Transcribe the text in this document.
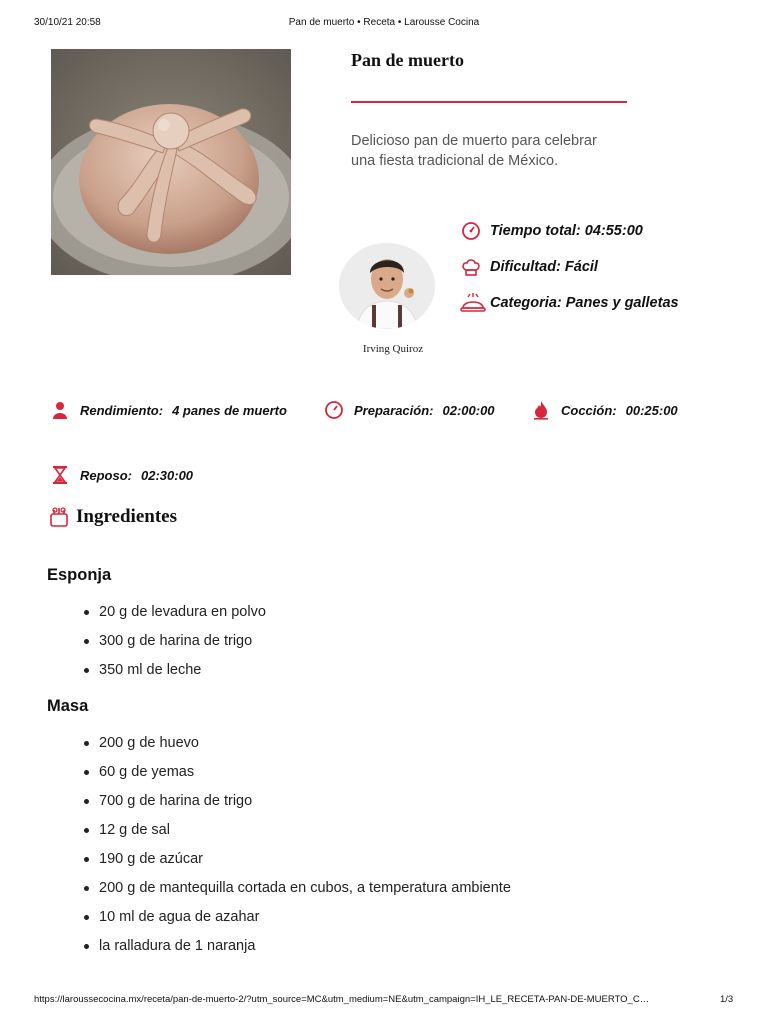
30/10/21 20:58	Pan de muerto • Receta • Larousse Cocina
Pan de muerto
Delicioso pan de muerto para celebrar
una fiesta tradicional de México.
Irving Quiroz
Tiempo total: 04:55:00
Dificultad: Fácil
Categoria: Panes y galletas
Rendimiento: 4 panes de muerto	Preparación: 02:00:00	Cocción: 00:25:00
Reposo: 02:30:00
Ingredientes
Esponja
20 g de levadura en polvo
300 g de harina de trigo
350 ml de leche
Masa
200 g de huevo
60 g de yemas
700 g de harina de trigo
12 g de sal
190 g de azúcar
200 g de mantequilla cortada en cubos, a temperatura ambiente
10 ml de agua de azahar
la ralladura de 1 naranja
https://laroussecocina.mx/receta/pan-de-muerto-2/?utm_source=MC&utm_medium=NE&utm_campaign=IH_LE_RECETA-PAN-DE-MUERTO_C…	1/3
